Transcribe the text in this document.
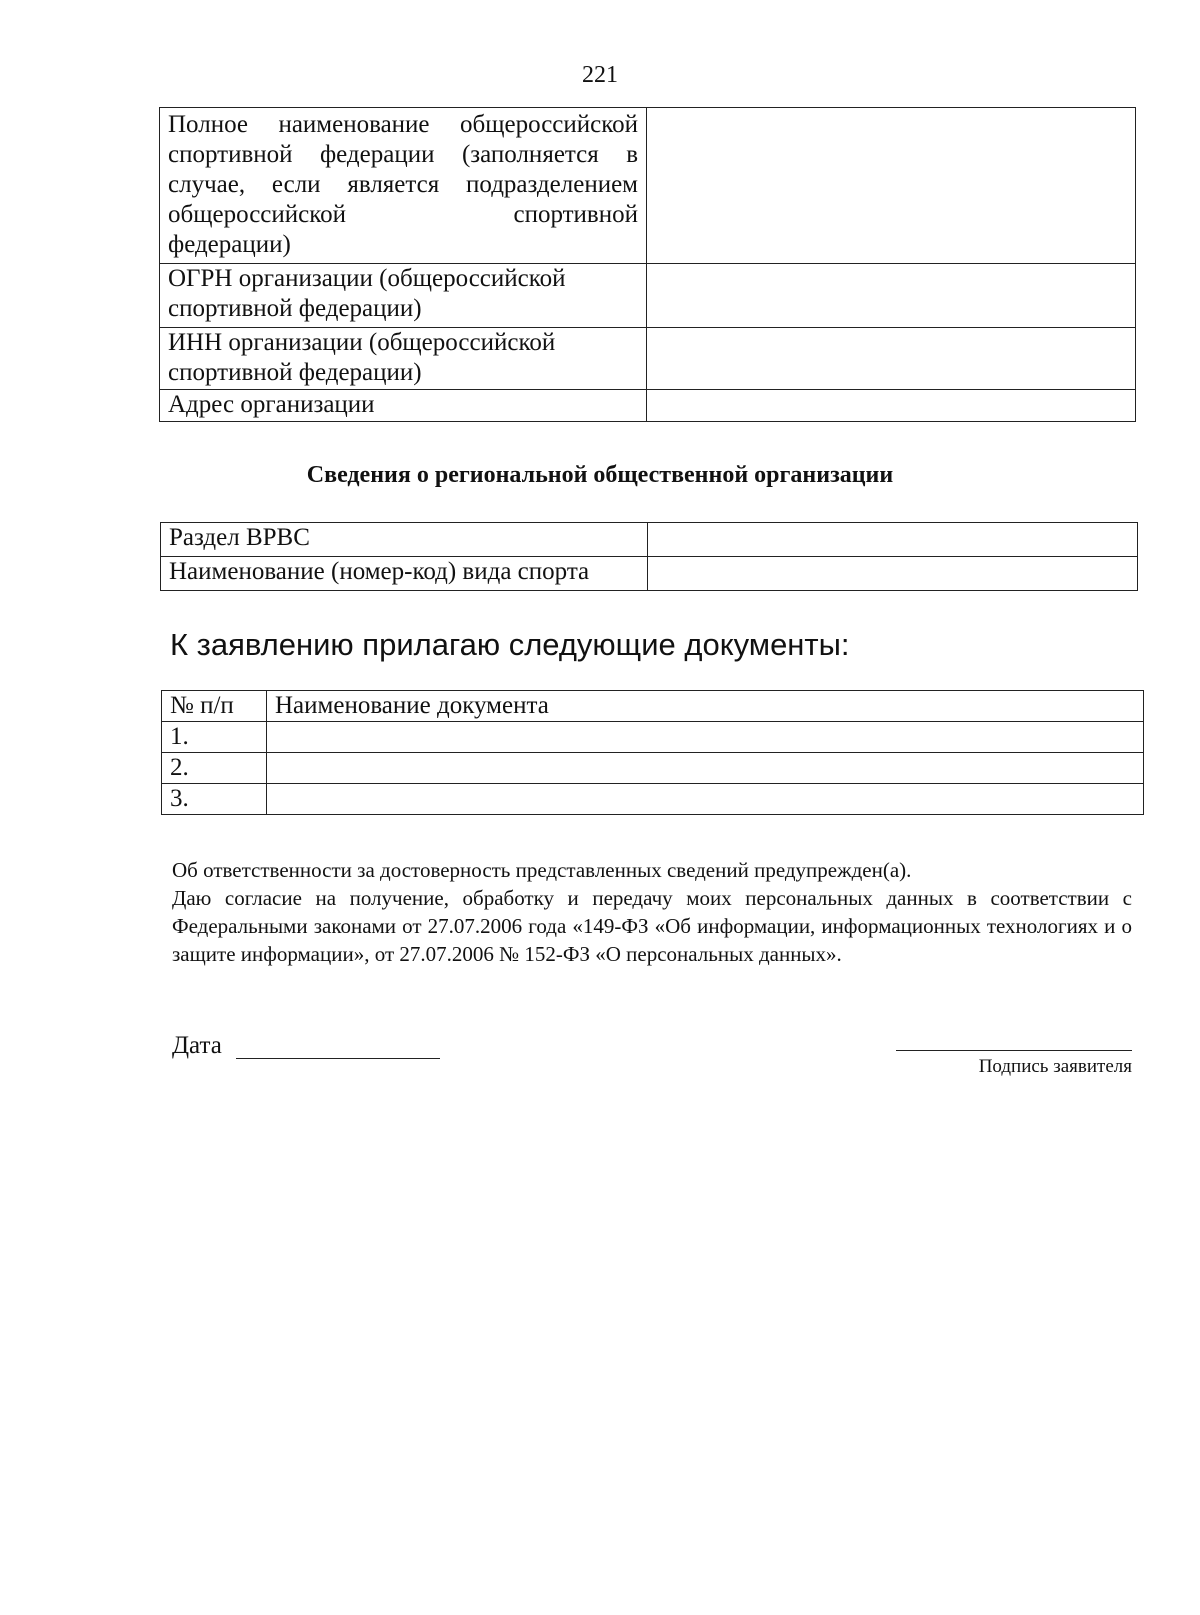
221
Полное наименование общероссийской спортивной федерации (заполняется в случае, если является подразделением общероссийской спортивной
федерации)	

ОГРН организации (общероссийской спортивной федерации)	
ИНН организации (общероссийской спортивной федерации)	
Адрес организации	
Сведения о региональной общественной организации
Раздел ВРВС	
Наименование (номер-код) вида спорта	
К заявлению прилагаю следующие документы:
№ п/п	Наименование документа
1.	
2.	
3.	

Об ответственности за достоверность представленных сведений предупрежден(а).

Даю согласие на получение, обработку и передачу моих персональных данных в соответствии с Федеральными законами от 27.07.2006 года «149-ФЗ «Об информации, информационных технологиях и о защите информации», от 27.07.2006 № 152-ФЗ «О персональных данных».

Дата
Подпись заявителя
